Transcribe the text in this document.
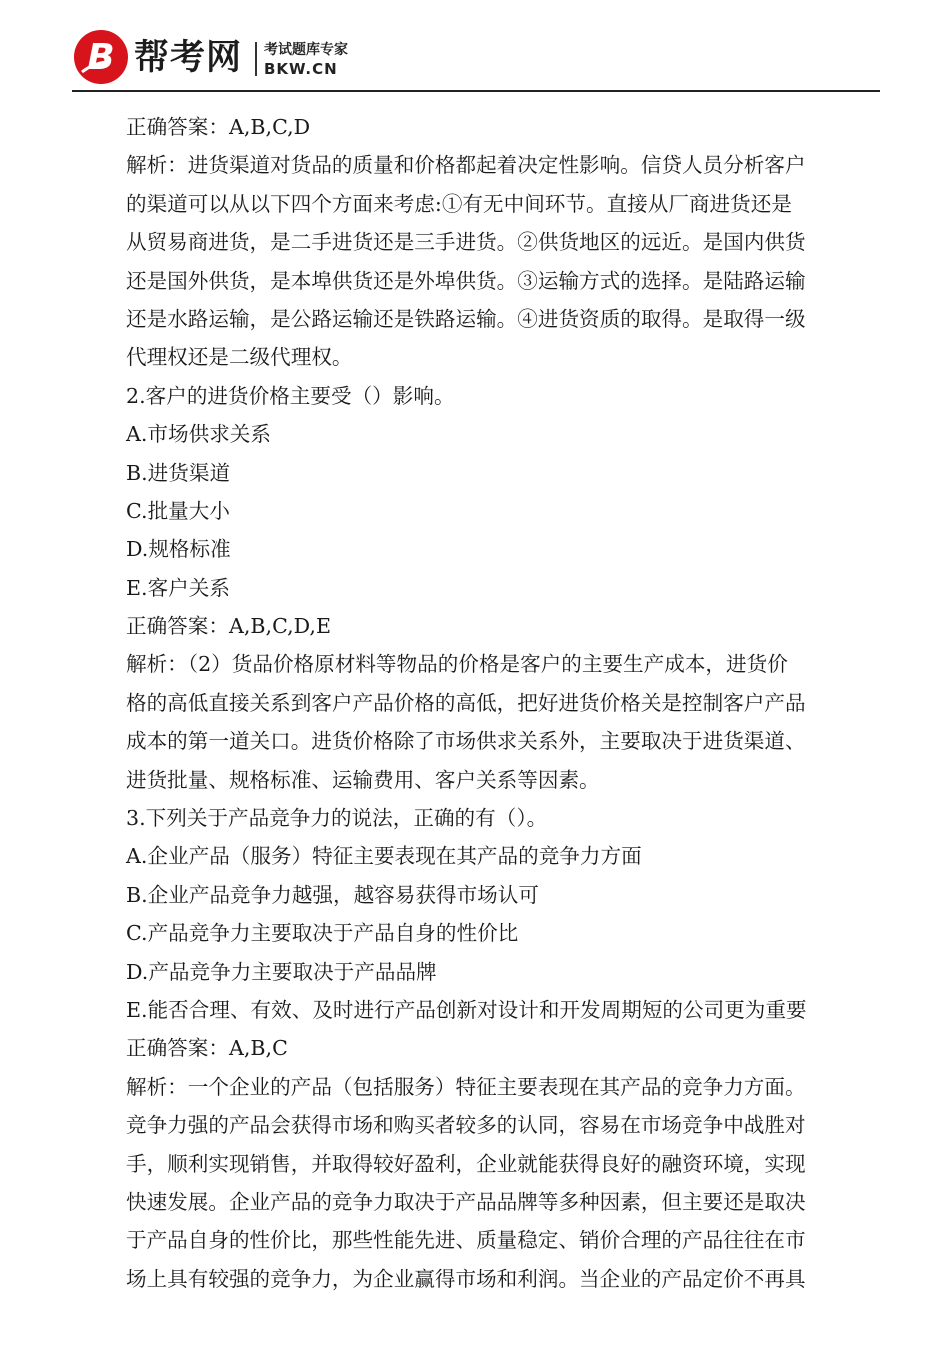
B 帮考网 考试题库专家
BKW.CN
正确答案：A,B,C,D
解析：进货渠道对货品的质量和价格都起着决定性影响。信贷人员分析客户
的渠道可以从以下四个方面来考虑:①有无中间环节。直接从厂商进货还是
从贸易商进货，是二手进货还是三手进货。②供货地区的远近。是国内供货
还是国外供货，是本埠供货还是外埠供货。③运输方式的选择。是陆路运输
还是水路运输，是公路运输还是铁路运输。④进货资质的取得。是取得一级
代理权还是二级代理权。
2.客户的进货价格主要受（）影响。
A.市场供求关系
B.进货渠道
C.批量大小
D.规格标准
E.客户关系
正确答案：A,B,C,D,E
解析：（2）货品价格原材料等物品的价格是客户的主要生产成本，进货价
格的高低直接关系到客户产品价格的高低，把好进货价格关是控制客户产品
成本的第一道关口。进货价格除了市场供求关系外，主要取决于进货渠道、
进货批量、规格标准、运输费用、客户关系等因素。
3.下列关于产品竞争力的说法，正确的有（）。
A.企业产品（服务）特征主要表现在其产品的竞争力方面
B.企业产品竞争力越强，越容易获得市场认可
C.产品竞争力主要取决于产品自身的性价比
D.产品竞争力主要取决于产品品牌
E.能否合理、有效、及时进行产品创新对设计和开发周期短的公司更为重要
正确答案：A,B,C
解析：一个企业的产品（包括服务）特征主要表现在其产品的竞争力方面。
竞争力强的产品会获得市场和购买者较多的认同，容易在市场竞争中战胜对
手，顺利实现销售，并取得较好盈利，企业就能获得良好的融资环境，实现
快速发展。企业产品的竞争力取决于产品品牌等多种因素，但主要还是取决
于产品自身的性价比，那些性能先进、质量稳定、销价合理的产品往往在市
场上具有较强的竞争力，为企业赢得市场和利润。当企业的产品定价不再具
